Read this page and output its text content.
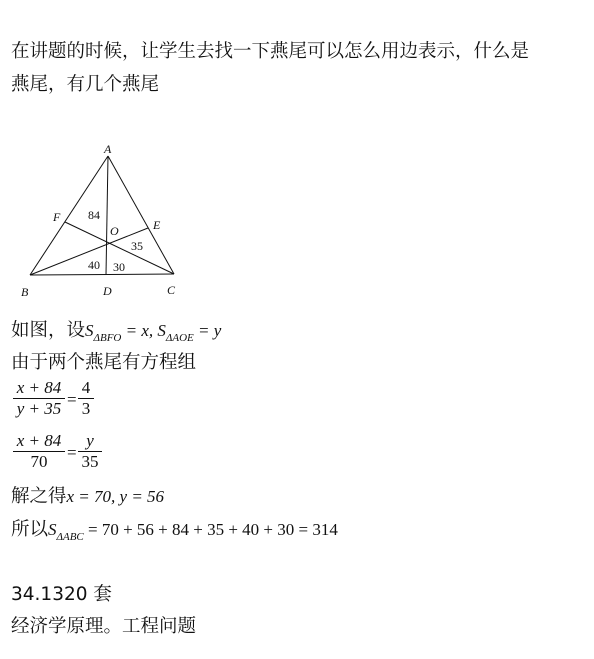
在讲题的时候，让学生去找一下燕尾可以怎么用边表示，什么是
燕尾，有几个燕尾
A
B	C
D
E
F
O
84
35
40 30
如图，设$S_{\Delta BFO} = x$, $S_{\Delta AOE} = y$
由于两个燕尾有方程组
$\frac{x + 84}{y + 35} = \frac{4}{3}$
$\frac{x + 84}{70} = \frac{y}{35}$
解之得x = 70, y = 56
所以$S_{\Delta ABC} = 70 + 56 + 84 + 35 + 40 + 30 = 314$
34.1320 套
经济学原理。工程问题
